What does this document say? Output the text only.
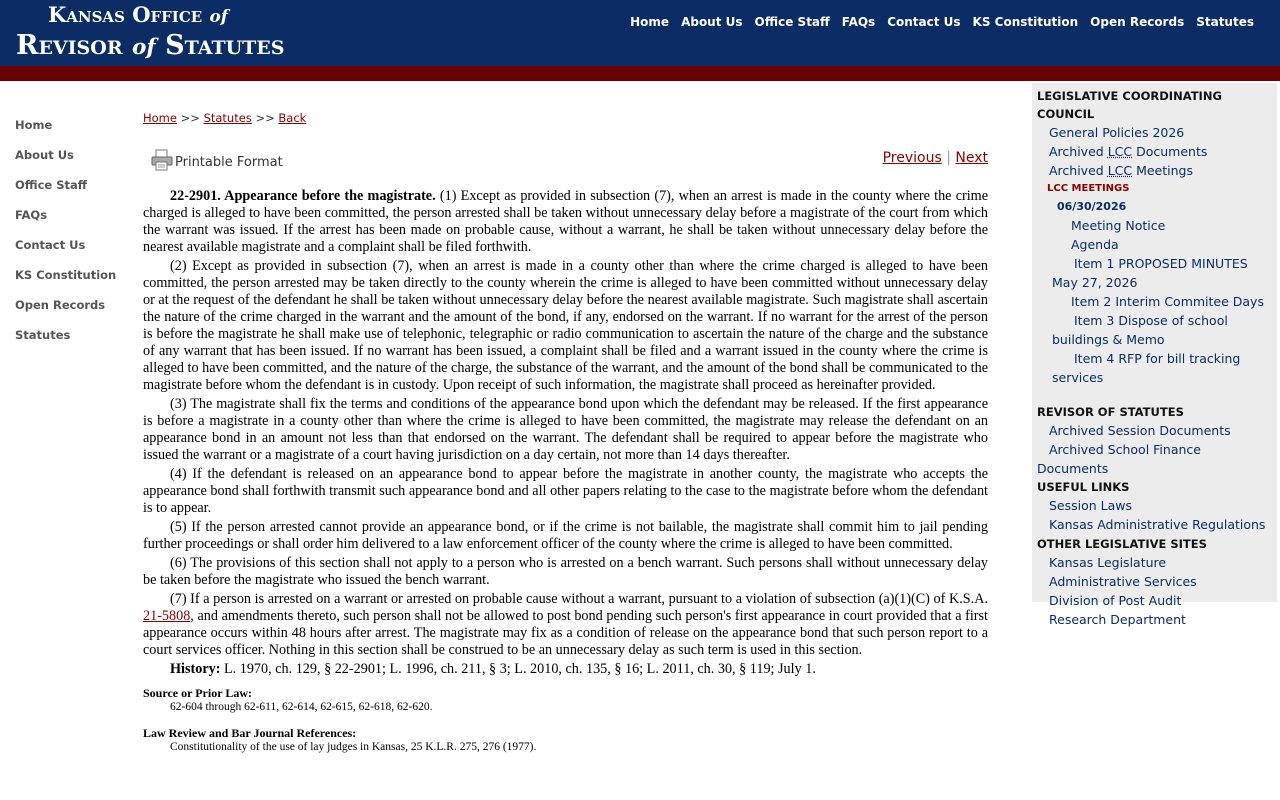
Kansas Office of
Revisor of Statutes
Home	About Us	Office Staff	FAQs	Contact Us	KS Constitution	Open Records	Statutes
Home
About Us
Office Staff
FAQs
Contact Us
KS Constitution
Open Records
Statutes
Home >> Statutes >> Back
Printable Format	Previous | Next

22-2901. Appearance before the magistrate. (1) Except as provided in subsection (7), when an arrest is made in the county where the crime charged is alleged to have been committed, the person arrested shall be taken without unnecessary delay before a magistrate of the court from which the warrant was issued. If the arrest has been made on probable cause, without a warrant, he shall be taken without unnecessary delay before the nearest available magistrate and a complaint shall be filed forthwith.

(2) Except as provided in subsection (7), when an arrest is made in a county other than where the crime charged is alleged to have been committed, the person arrested may be taken directly to the county wherein the crime is alleged to have been committed without unnecessary delay or at the request of the defendant he shall be taken without unnecessary delay before the nearest available magistrate. Such magistrate shall ascertain the nature of the crime charged in the warrant and the amount of the bond, if any, endorsed on the warrant. If no warrant for the arrest of the person is before the magistrate he shall make use of telephonic, telegraphic or radio communication to ascertain the nature of the charge and the substance of any warrant that has been issued. If no warrant has been issued, a complaint shall be filed and a warrant issued in the county where the crime is alleged to have been committed, and the nature of the charge, the substance of the warrant, and the amount of the bond shall be communicated to the magistrate before whom the defendant is in custody. Upon receipt of such information, the magistrate shall proceed as hereinafter provided.

(3) The magistrate shall fix the terms and conditions of the appearance bond upon which the defendant may be released. If the first appearance is before a magistrate in a county other than where the crime is alleged to have been committed, the magistrate may release the defendant on an appearance bond in an amount not less than that endorsed on the warrant. The defendant shall be required to appear before the magistrate who issued the warrant or a magistrate of a court having jurisdiction on a day certain, not more than 14 days thereafter.

(4) If the defendant is released on an appearance bond to appear before the magistrate in another county, the magistrate who accepts the appearance bond shall forthwith transmit such appearance bond and all other papers relating to the case to the magistrate before whom the defendant is to appear.

(5) If the person arrested cannot provide an appearance bond, or if the crime is not bailable, the magistrate shall commit him to jail pending further proceedings or shall order him delivered to a law enforcement officer of the county where the crime is alleged to have been committed.

(6) The provisions of this section shall not apply to a person who is arrested on a bench warrant. Such persons shall without unnecessary delay be taken before the magistrate who issued the bench warrant.

(7) If a person is arrested on a warrant or arrested on probable cause without a warrant, pursuant to a violation of subsection (a)(1)(C) of K.S.A. 21-5808, and amendments thereto, such person shall not be allowed to post bond pending such person's first appearance in court provided that a first appearance occurs within 48 hours after arrest. The magistrate may fix as a condition of release on the appearance bond that such person report to a court services officer. Nothing in this section shall be construed to be an unnecessary delay as such term is used in this section.

History: L. 1970, ch. 129, § 22-2901; L. 1996, ch. 211, § 3; L. 2010, ch. 135, § 16; L. 2011, ch. 30, § 119; July 1.

Source or Prior Law:
62-604 through 62-611, 62-614, 62-615, 62-618, 62-620.
Law Review and Bar Journal References:
Constitutionality of the use of lay judges in Kansas, 25 K.L.R. 275, 276 (1977).
LEGISLATIVE COORDINATING COUNCIL
General Policies 2026
Archived LCC Documents
Archived LCC Meetings
LCC MEETINGS
06/30/2026
Meeting Notice
Agenda
Item 1 PROPOSED MINUTES May 27, 2026
Item 2 Interim Commitee Days
Item 3 Dispose of school buildings & Memo
Item 4 RFP for bill tracking services
REVISOR OF STATUTES
Archived Session Documents
Archived School Finance Documents
USEFUL LINKS
Session Laws
Kansas Administrative Regulations
OTHER LEGISLATIVE SITES
Kansas Legislature
Administrative Services
Division of Post Audit
Research Department
